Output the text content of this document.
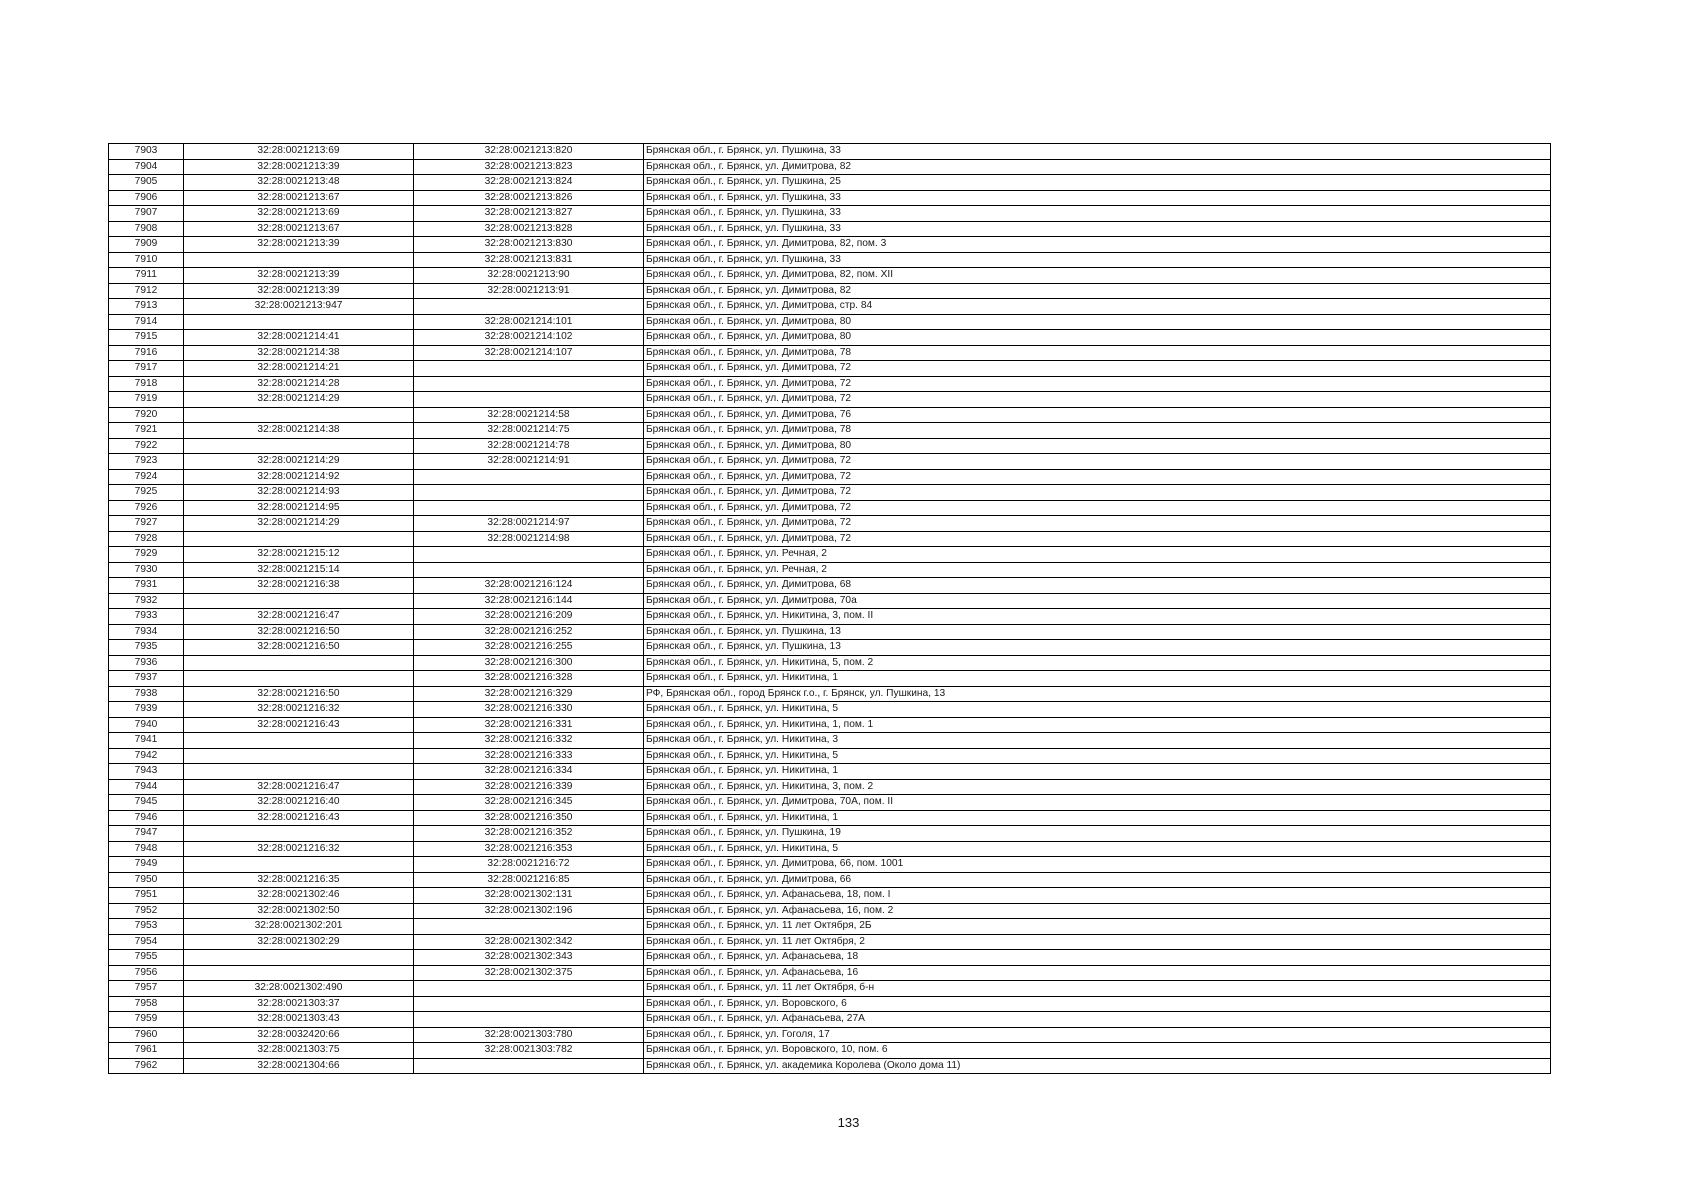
7903	32:28:0021213:69	32:28:0021213:820	Брянская обл., г. Брянск, ул. Пушкина, 33
7904	32:28:0021213:39	32:28:0021213:823	Брянская обл., г. Брянск, ул. Димитрова, 82
7905	32:28:0021213:48	32:28:0021213:824	Брянская обл., г. Брянск, ул. Пушкина, 25
7906	32:28:0021213:67	32:28:0021213:826	Брянская обл., г. Брянск, ул. Пушкина, 33
7907	32:28:0021213:69	32:28:0021213:827	Брянская обл., г. Брянск, ул. Пушкина, 33
7908	32:28:0021213:67	32:28:0021213:828	Брянская обл., г. Брянск, ул. Пушкина, 33
7909	32:28:0021213:39	32:28:0021213:830	Брянская обл., г. Брянск, ул. Димитрова, 82, пом. 3
7910		32:28:0021213:831	Брянская обл., г. Брянск, ул. Пушкина, 33
7911	32:28:0021213:39	32:28:0021213:90	Брянская обл., г. Брянск, ул. Димитрова, 82, пом. XII
7912	32:28:0021213:39	32:28:0021213:91	Брянская обл., г. Брянск, ул. Димитрова, 82
7913	32:28:0021213:947		Брянская обл., г. Брянск, ул. Димитрова, стр. 84
7914		32:28:0021214:101	Брянская обл., г. Брянск, ул. Димитрова, 80
7915	32:28:0021214:41	32:28:0021214:102	Брянская обл., г. Брянск, ул. Димитрова, 80
7916	32:28:0021214:38	32:28:0021214:107	Брянская обл., г. Брянск, ул. Димитрова, 78
7917	32:28:0021214:21		Брянская обл., г. Брянск, ул. Димитрова, 72
7918	32:28:0021214:28		Брянская обл., г. Брянск, ул. Димитрова, 72
7919	32:28:0021214:29		Брянская обл., г. Брянск, ул. Димитрова, 72
7920		32:28:0021214:58	Брянская обл., г. Брянск, ул. Димитрова, 76
7921	32:28:0021214:38	32:28:0021214:75	Брянская обл., г. Брянск, ул. Димитрова, 78
7922		32:28:0021214:78	Брянская обл., г. Брянск, ул. Димитрова, 80
7923	32:28:0021214:29	32:28:0021214:91	Брянская обл., г. Брянск, ул. Димитрова, 72
7924	32:28:0021214:92		Брянская обл., г. Брянск, ул. Димитрова, 72
7925	32:28:0021214:93		Брянская обл., г. Брянск, ул. Димитрова, 72
7926	32:28:0021214:95		Брянская обл., г. Брянск, ул. Димитрова, 72
7927	32:28:0021214:29	32:28:0021214:97	Брянская обл., г. Брянск, ул. Димитрова, 72
7928		32:28:0021214:98	Брянская обл., г. Брянск, ул. Димитрова, 72
7929	32:28:0021215:12		Брянская обл., г. Брянск, ул. Речная, 2
7930	32:28:0021215:14		Брянская обл., г. Брянск, ул. Речная, 2
7931	32:28:0021216:38	32:28:0021216:124	Брянская обл., г. Брянск, ул. Димитрова, 68
7932		32:28:0021216:144	Брянская обл., г. Брянск, ул. Димитрова, 70а
7933	32:28:0021216:47	32:28:0021216:209	Брянская обл., г. Брянск, ул. Никитина, 3, пом. II
7934	32:28:0021216:50	32:28:0021216:252	Брянская обл., г. Брянск, ул. Пушкина, 13
7935	32:28:0021216:50	32:28:0021216:255	Брянская обл., г. Брянск, ул. Пушкина, 13
7936		32:28:0021216:300	Брянская обл., г. Брянск, ул. Никитина, 5, пом. 2
7937		32:28:0021216:328	Брянская обл., г. Брянск, ул. Никитина, 1
7938	32:28:0021216:50	32:28:0021216:329	РФ, Брянская обл., город Брянск г.о., г. Брянск, ул. Пушкина, 13
7939	32:28:0021216:32	32:28:0021216:330	Брянская обл., г. Брянск, ул. Никитина, 5
7940	32:28:0021216:43	32:28:0021216:331	Брянская обл., г. Брянск, ул. Никитина, 1, пом. 1
7941		32:28:0021216:332	Брянская обл., г. Брянск, ул. Никитина, 3
7942		32:28:0021216:333	Брянская обл., г. Брянск, ул. Никитина, 5
7943		32:28:0021216:334	Брянская обл., г. Брянск, ул. Никитина, 1
7944	32:28:0021216:47	32:28:0021216:339	Брянская обл., г. Брянск, ул. Никитина, 3, пом. 2
7945	32:28:0021216:40	32:28:0021216:345	Брянская обл., г. Брянск, ул. Димитрова, 70А, пом. II
7946	32:28:0021216:43	32:28:0021216:350	Брянская обл., г. Брянск, ул. Никитина, 1
7947		32:28:0021216:352	Брянская обл., г. Брянск, ул. Пушкина, 19
7948	32:28:0021216:32	32:28:0021216:353	Брянская обл., г. Брянск, ул. Никитина, 5
7949		32:28:0021216:72	Брянская обл., г. Брянск, ул. Димитрова, 66, пом. 1001
7950	32:28:0021216:35	32:28:0021216:85	Брянская обл., г. Брянск, ул. Димитрова, 66
7951	32:28:0021302:46	32:28:0021302:131	Брянская обл., г. Брянск, ул. Афанасьева, 18, пом. I
7952	32:28:0021302:50	32:28:0021302:196	Брянская обл., г. Брянск, ул. Афанасьева, 16, пом. 2
7953	32:28:0021302:201		Брянская обл., г. Брянск, ул. 11 лет Октября, 2Б
7954	32:28:0021302:29	32:28:0021302:342	Брянская обл., г. Брянск, ул. 11 лет Октября, 2
7955		32:28:0021302:343	Брянская обл., г. Брянск, ул. Афанасьева, 18
7956		32:28:0021302:375	Брянская обл., г. Брянск, ул. Афанасьева, 16
7957	32:28:0021302:490		Брянская обл., г. Брянск, ул. 11 лет Октября, б-н
7958	32:28:0021303:37		Брянская обл., г. Брянск, ул. Воровского, 6
7959	32:28:0021303:43		Брянская обл., г. Брянск, ул. Афанасьева, 27А
7960	32:28:0032420:66	32:28:0021303:780	Брянская обл., г. Брянск, ул. Гоголя, 17
7961	32:28:0021303:75	32:28:0021303:782	Брянская обл., г. Брянск, ул. Воровского, 10, пом. 6
7962	32:28:0021304:66		Брянская обл., г. Брянск, ул. академика Королева (Около дома 11)
133
